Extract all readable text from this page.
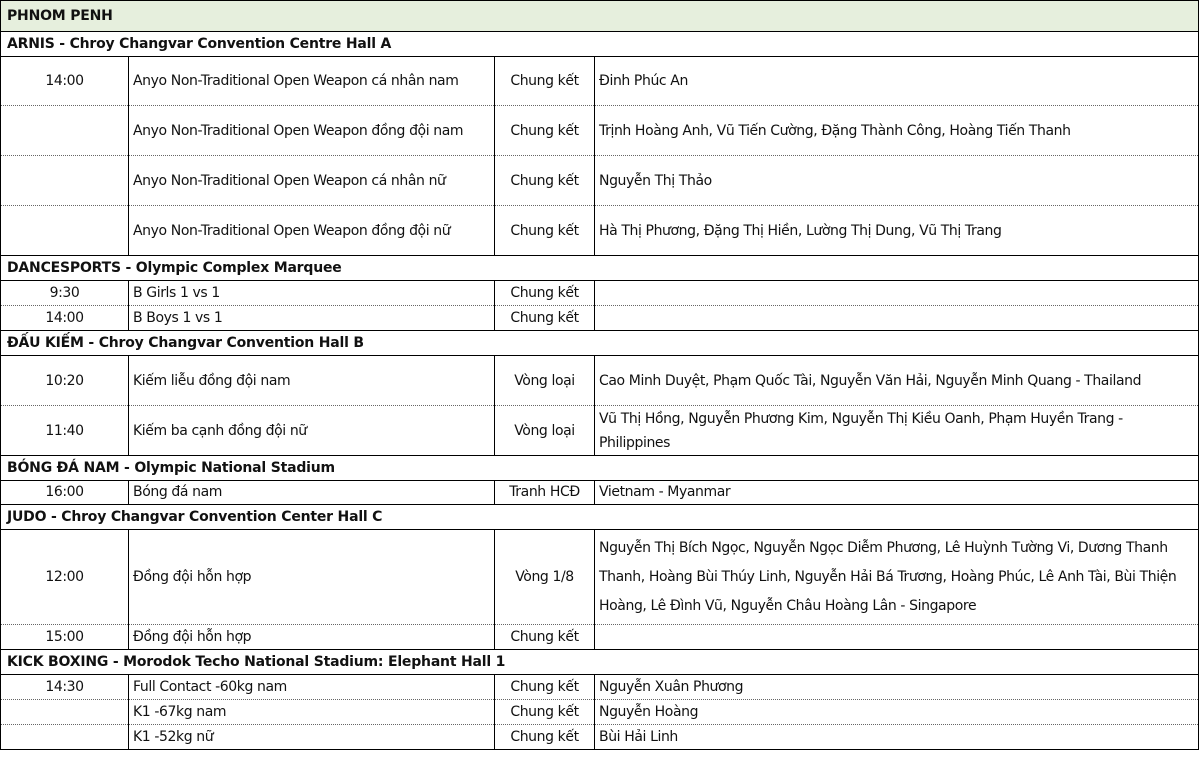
PHNOM PENH			
ARNIS - Chroy Changvar Convention Centre Hall A			
14:00	Anyo Non-Traditional Open Weapon cá nhân nam	Chung kết	Đinh Phúc An
	Anyo Non-Traditional Open Weapon đồng đội nam	Chung kết	Trịnh Hoàng Anh, Vũ Tiến Cường, Đặng Thành Công, Hoàng Tiến Thanh
	Anyo Non-Traditional Open Weapon cá nhân nữ	Chung kết	Nguyễn Thị Thảo
	Anyo Non-Traditional Open Weapon đồng đội nữ	Chung kết	Hà Thị Phương, Đặng Thị Hiền, Lường Thị Dung, Vũ Thị Trang
DANCESPORTS - Olympic Complex Marquee			
9:30	B Girls 1 vs 1	Chung kết	
14:00	B Boys 1 vs 1	Chung kết	
ĐẤU KIẾM - Chroy Changvar Convention Hall B			
10:20	Kiếm liễu đồng đội nam	Vòng loại	Cao Minh Duyệt, Phạm Quốc Tài, Nguyễn Văn Hải, Nguyễn Minh Quang - Thailand
11:40	Kiếm ba cạnh đồng đội nữ	Vòng loại	Vũ Thị Hồng, Nguyễn Phương Kim, Nguyễn Thị Kiều Oanh, Phạm Huyền Trang - Philippines
BÓNG ĐÁ NAM - Olympic National Stadium			
16:00	Bóng đá nam	Tranh HCĐ	Vietnam - Myanmar
JUDO - Chroy Changvar Convention Center Hall C			
12:00	Đồng đội hỗn hợp	Vòng 1/8	Nguyễn Thị Bích Ngọc, Nguyễn Ngọc Diễm Phương, Lê Huỳnh Tường Vi, Dương Thanh Thanh, Hoàng Bùi Thúy Linh, Nguyễn Hải Bá Trương, Hoàng Phúc, Lê Anh Tài, Bùi Thiện Hoàng, Lê Đình Vũ, Nguyễn Châu Hoàng Lân - Singapore
15:00	Đồng đội hỗn hợp	Chung kết	
KICK BOXING - Morodok Techo National Stadium: Elephant Hall 1			
14:30	Full Contact -60kg nam	Chung kết	Nguyễn Xuân Phương
	K1 -67kg nam	Chung kết	Nguyễn Hoàng
	K1 -52kg nữ	Chung kết	Bùi Hải Linh
